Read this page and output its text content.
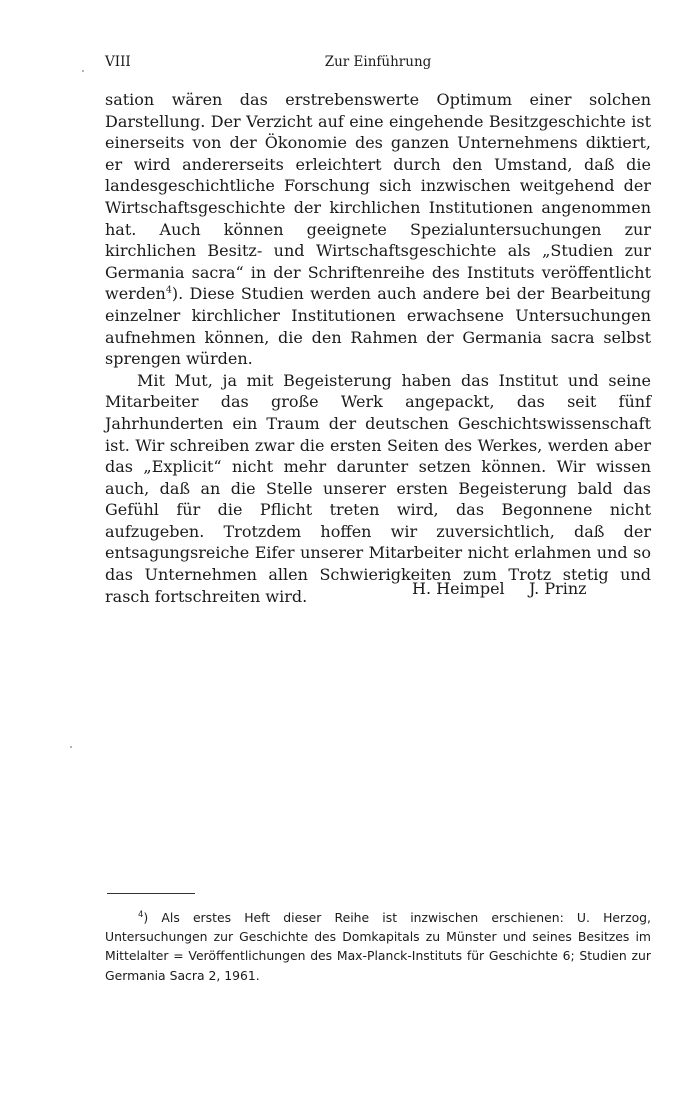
VIII	Zur Einführung

sation wären das erstrebenswerte Optimum einer solchen Darstellung. Der Verzicht auf eine eingehende Besitzgeschichte ist einerseits von der Ökonomie des ganzen Unternehmens diktiert, er wird andererseits erleichtert durch den Umstand, daß die landesgeschichtliche Forschung sich inzwischen weitgehend der Wirtschaftsgeschichte der kirchlichen Institutionen angenommen hat. Auch können geeignete Spezialuntersuchungen zur kirchlichen Besitz- und Wirtschaftsgeschichte als „Studien zur Germania sacra“ in der Schriftenreihe des Instituts veröffentlicht werden$^4$). Diese Studien werden auch andere bei der Bearbeitung einzelner kirchlicher Institutionen erwachsene Untersuchungen aufnehmen können, die den Rahmen der Germania sacra selbst sprengen würden.

Mit Mut, ja mit Begeisterung haben das Institut und seine Mitarbeiter das große Werk angepackt, das seit fünf Jahrhunderten ein Traum der deutschen Geschichtswissenschaft ist. Wir schreiben zwar die ersten Seiten des Werkes, werden aber das „Explicit“ nicht mehr darunter setzen können. Wir wissen auch, daß an die Stelle unserer ersten Begeisterung bald das Gefühl für die Pflicht treten wird, das Begonnene nicht aufzugeben. Trotzdem hoffen wir zuversichtlich, daß der entsagungsreiche Eifer unserer Mitarbeiter nicht erlahmen und so das Unternehmen allen Schwierigkeiten zum Trotz stetig und rasch fortschreiten wird.	H. Heimpel J. Prinz
$^4$) Als erstes Heft dieser Reihe ist inzwischen erschienen: U. Herzog, Untersuchungen zur Geschichte des Domkapitals zu Münster und seines Besitzes im Mittelalter = Veröffentlichungen des Max-Planck-Instituts für Geschichte 6; Studien zur Germania Sacra 2, 1961.
